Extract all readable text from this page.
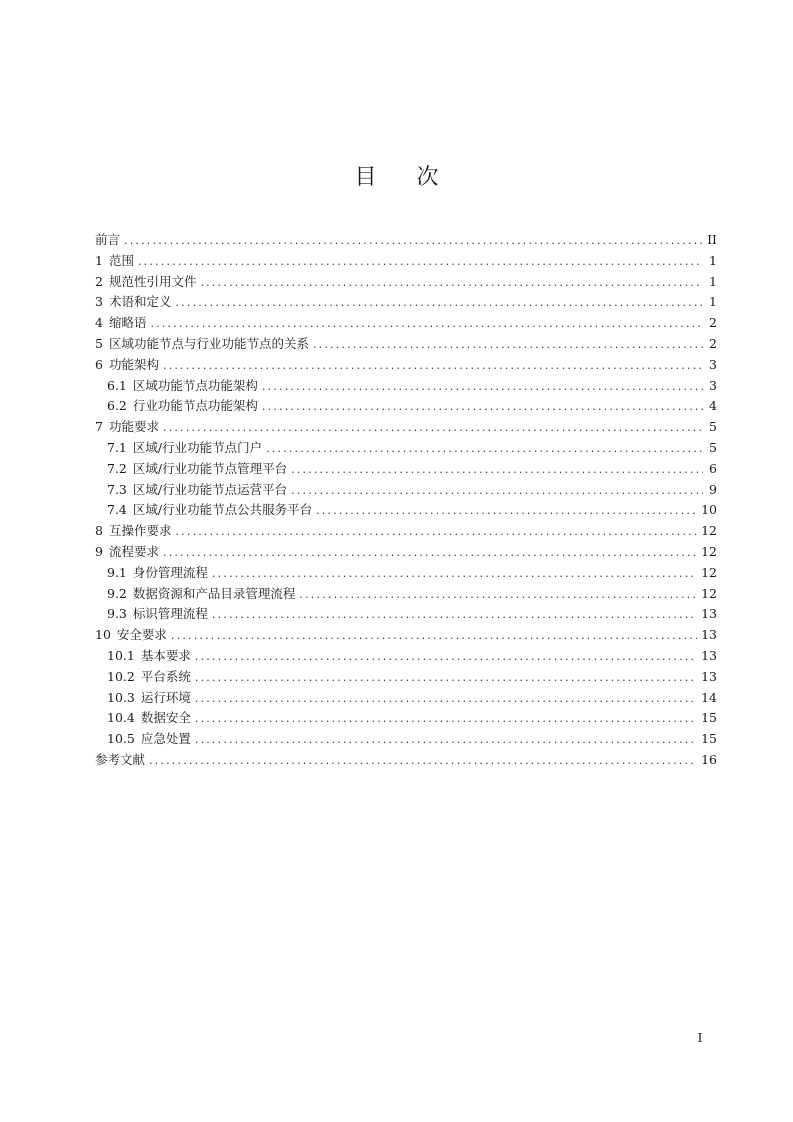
目 次
前言 .....	II
1 范围 .....	1
2 规范性引用文件 .....	1
3 术语和定义 .....	1
4 缩略语 .....	2
5 区域功能节点与行业功能节点的关系 .....	2
6 功能架构 .....	3
6.1 区域功能节点功能架构 .....	3
6.2 行业功能节点功能架构 .....	4
7 功能要求 .....	5
7.1 区域/行业功能节点门户 .....	5
7.2 区域/行业功能节点管理平台 .....	6
7.3 区域/行业功能节点运营平台 .....	9
7.4 区域/行业功能节点公共服务平台 .....	10
8 互操作要求 .....	12
9 流程要求 .....	12
9.1 身份管理流程 .....	12
9.2 数据资源和产品目录管理流程 .....	12
9.3 标识管理流程 .....	13
10 安全要求 .....	13
10.1 基本要求 .....	13
10.2 平台系统 .....	13
10.3 运行环境 .....	14
10.4 数据安全 .....	15
10.5 应急处置 .....	15
参考文献 .....	16
I
